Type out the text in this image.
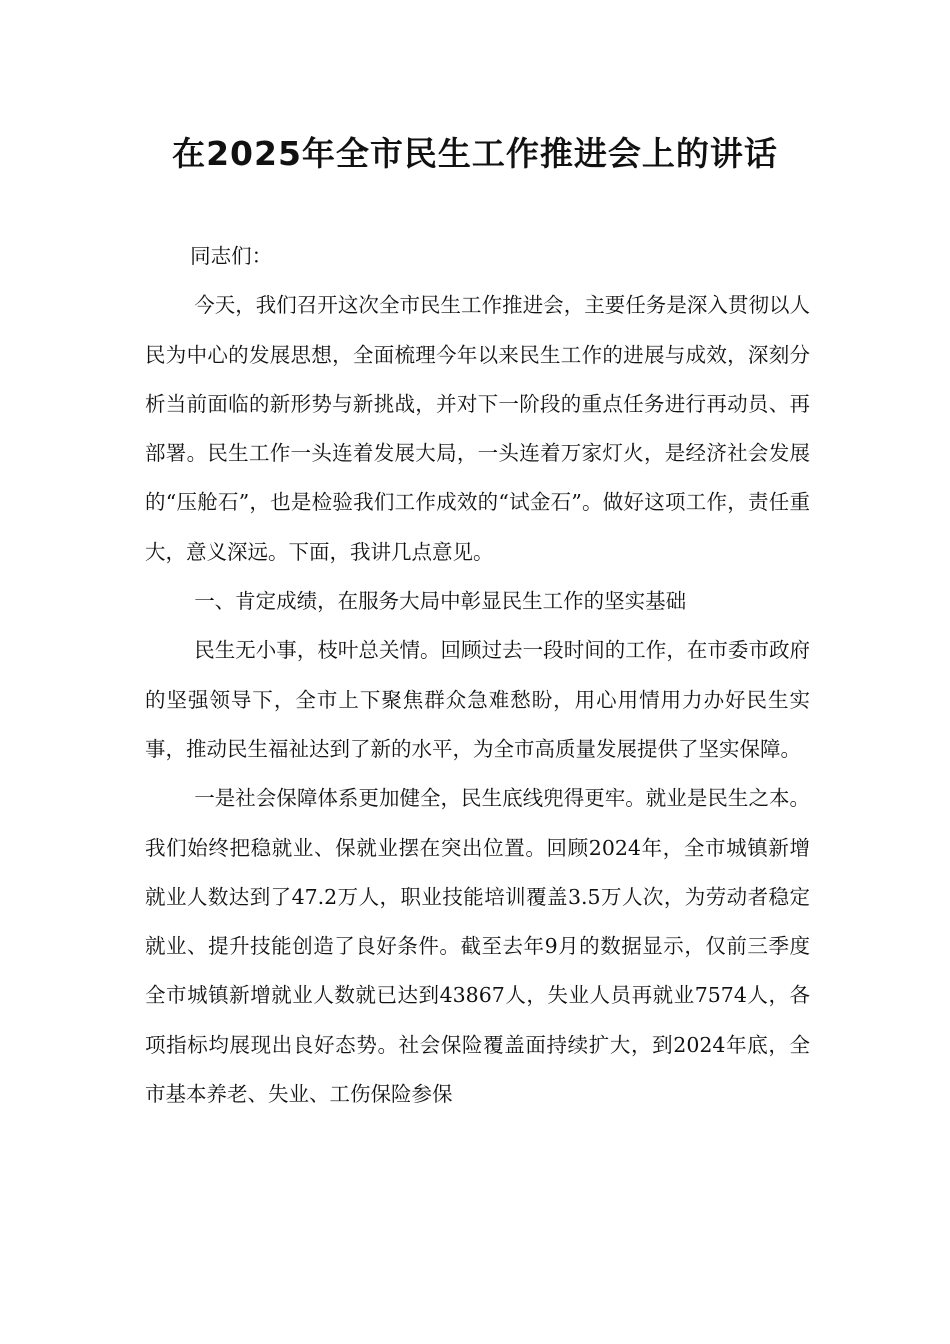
在2025年全市民生工作推进会上的讲话

同志们：

今天，我们召开这次全市民生工作推进会，主要任务是深入贯彻以人民为中心的发展思想，全面梳理今年以来民生工作的进展与成效，深刻分析当前面临的新形势与新挑战，并对下一阶段的重点任务进行再动员、再部署。民生工作一头连着发展大局，一头连着万家灯火，是经济社会发展的“压舱石”，也是检验我们工作成效的“试金石”。做好这项工作，责任重大，意义深远。下面，我讲几点意见。

一、肯定成绩，在服务大局中彰显民生工作的坚实基础

民生无小事，枝叶总关情。回顾过去一段时间的工作，在市委市政府的坚强领导下，全市上下聚焦群众急难愁盼，用心用情用力办好民生实事，推动民生福祉达到了新的水平，为全市高质量发展提供了坚实保障。

一是社会保障体系更加健全，民生底线兜得更牢。就业是民生之本。我们始终把稳就业、保就业摆在突出位置。回顾2024年，全市城镇新增就业人数达到了47.2万人，职业技能培训覆盖3.5万人次，为劳动者稳定就业、提升技能创造了良好条件。截至去年9月的数据显示，仅前三季度全市城镇新增就业人数就已达到43867人，失业人员再就业7574人，各项指标均展现出良好态势。社会保险覆盖面持续扩大，到2024年底，全市基本养老、失业、工伤保险参保
